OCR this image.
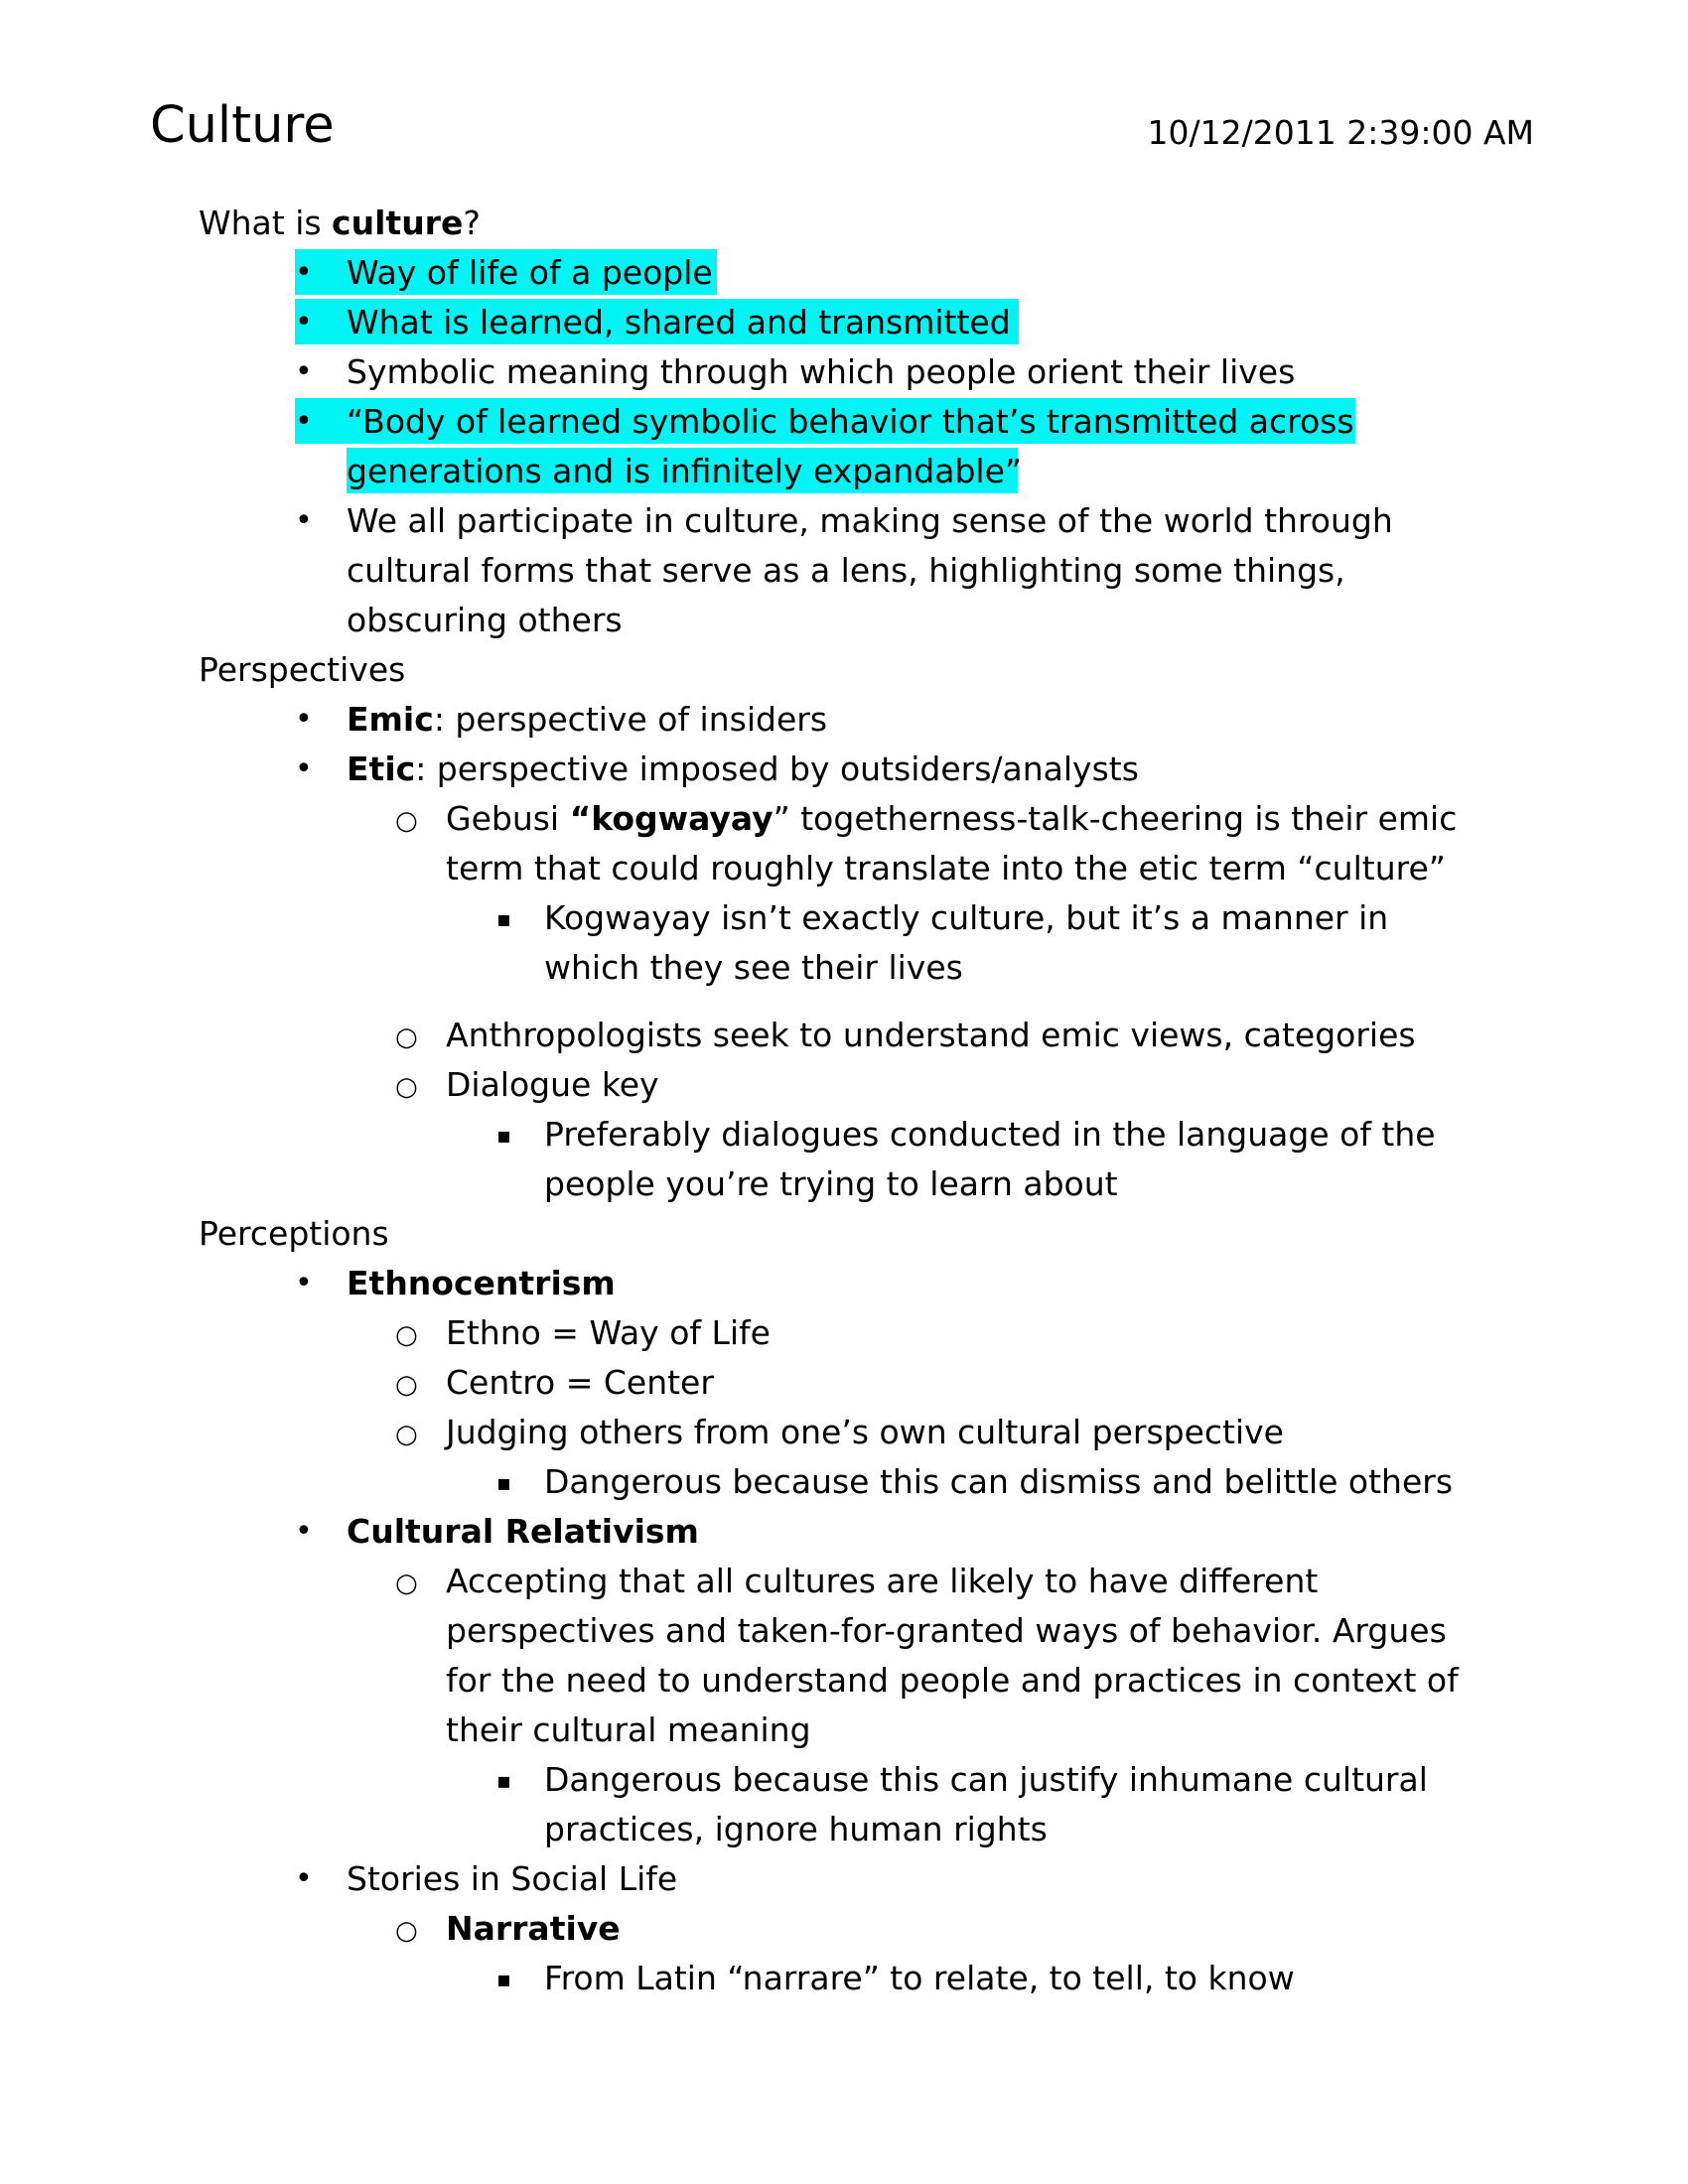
Culture	10/12/2011 2:39:00 AM
What is culture?
• Way of life of a people
• What is learned, shared and transmitted
• Symbolic meaning through which people orient their lives
• “Body of learned symbolic behavior that’s transmitted across
generations and is infinitely expandable”
• We all participate in culture, making sense of the world through
cultural forms that serve as a lens, highlighting some things,
obscuring others
Perspectives
• Emic: perspective of insiders
• Etic: perspective imposed by outsiders/analysts
○ Gebusi “kogwayay” togetherness-talk-cheering is their emic
term that could roughly translate into the etic term “culture”
▪ Kogwayay isn’t exactly culture, but it’s a manner in
which they see their lives
○ Anthropologists seek to understand emic views, categories
○ Dialogue key
▪ Preferably dialogues conducted in the language of the
people you’re trying to learn about
Perceptions
• Ethnocentrism
○ Ethno = Way of Life
○ Centro = Center
○ Judging others from one’s own cultural perspective
▪ Dangerous because this can dismiss and belittle others
• Cultural Relativism
○ Accepting that all cultures are likely to have different
perspectives and taken-for-granted ways of behavior. Argues
for the need to understand people and practices in context of
their cultural meaning
▪ Dangerous because this can justify inhumane cultural
practices, ignore human rights
• Stories in Social Life
○ Narrative
▪ From Latin “narrare” to relate, to tell, to know
